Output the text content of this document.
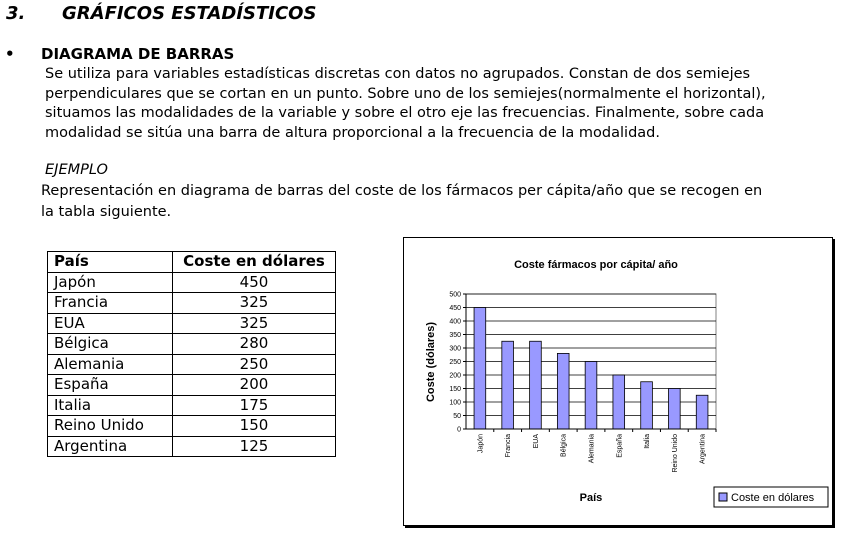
3. GRÁFICOS ESTADÍSTICOS
• DIAGRAMA DE BARRAS
Se utiliza para variables estadísticas discretas con datos no agrupados. Constan de dos semiejes
perpendiculares que se cortan en un punto. Sobre uno de los semiejes(normalmente el horizontal),
situamos las modalidades de la variable y sobre el otro eje las frecuencias. Finalmente, sobre cada
modalidad se sitúa una barra de altura proporcional a la frecuencia de la modalidad.
EJEMPLO
Representación en diagrama de barras del coste de los fármacos per cápita/año que se recogen en
la tabla siguiente.
País	Coste en dólares
Japón	450
Francia	325
EUA	325
Bélgica	280
Alemania	250
España	200
Italia	175
Reino Unido	150
Argentina	125
Coste fármacos por cápita/ año
0
50
100
150
200
250
300
350
400
450
500
Japón	Francia	EUA	Bélgica	Alemania	España	Italia	Reino Unido	Argentina
Coste (dólares)
País	Coste en dólares
